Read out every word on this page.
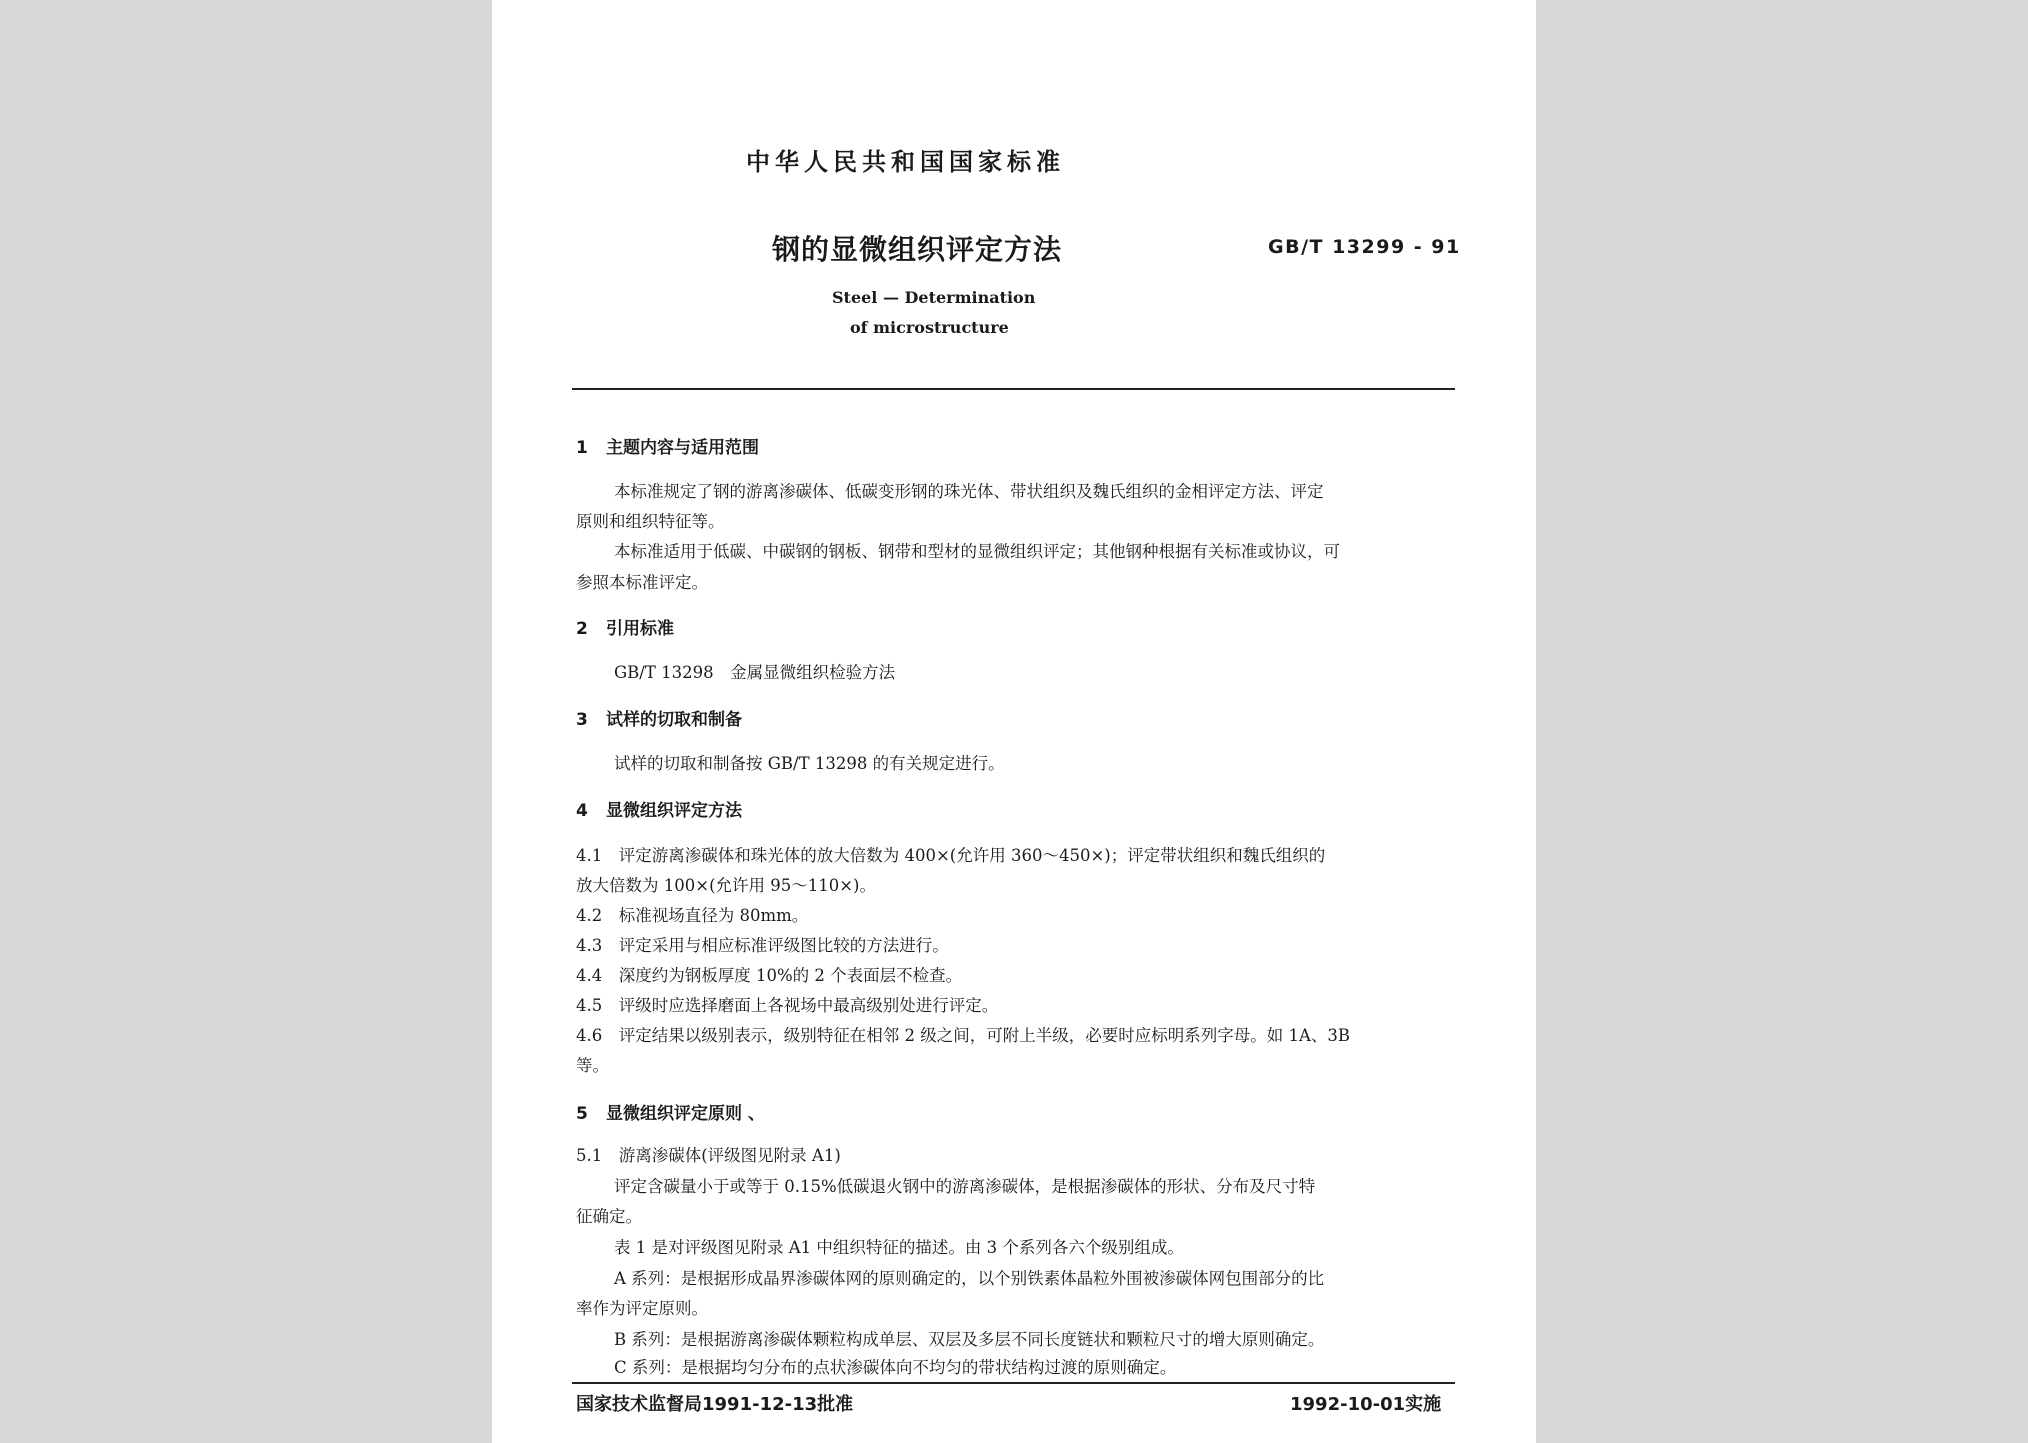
中华人民共和国国家标准
钢的显微组织评定方法	GB/T 13299 - 91
Steel — Determination
of microstructure
1 主题内容与适用范围
本标准规定了钢的游离渗碳体、低碳变形钢的珠光体、带状组织及魏氏组织的金相评定方法、评定
原则和组织特征等。
本标准适用于低碳、中碳钢的钢板、钢带和型材的显微组织评定；其他钢种根据有关标准或协议，可
参照本标准评定。
2 引用标准
GB/T 13298　金属显微组织检验方法
3 试样的切取和制备
试样的切取和制备按 GB/T 13298 的有关规定进行。
4 显微组织评定方法
4.1　评定游离渗碳体和珠光体的放大倍数为 400×(允许用 360～450×)；评定带状组织和魏氏组织的
放大倍数为 100×(允许用 95～110×)。
4.2　标准视场直径为 80mm。
4.3　评定采用与相应标准评级图比较的方法进行。
4.4　深度约为钢板厚度 10%的 2 个表面层不检查。
4.5　评级时应选择磨面上各视场中最高级别处进行评定。
4.6　评定结果以级别表示，级别特征在相邻 2 级之间，可附上半级，必要时应标明系列字母。如 1A、3B
等。
5 显微组织评定原则 、
5.1　游离渗碳体(评级图见附录 A1)
评定含碳量小于或等于 0.15%低碳退火钢中的游离渗碳体，是根据渗碳体的形状、分布及尺寸特
征确定。
表 1 是对评级图见附录 A1 中组织特征的描述。由 3 个系列各六个级别组成。
A 系列：是根据形成晶界渗碳体网的原则确定的，以个别铁素体晶粒外围被渗碳体网包围部分的比
率作为评定原则。
B 系列：是根据游离渗碳体颗粒构成单层、双层及多层不同长度链状和颗粒尺寸的增大原则确定。
C 系列：是根据均匀分布的点状渗碳体向不均匀的带状结构过渡的原则确定。
国家技术监督局1991-12-13批准	1992-10-01实施
